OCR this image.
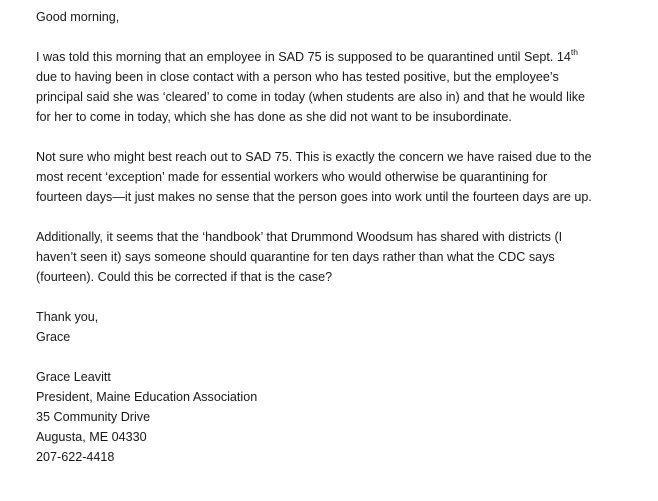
Good morning,
I was told this morning that an employee in SAD 75 is supposed to be quarantined until Sept. 14th
due to having been in close contact with a person who has tested positive, but the employee’s
principal said she was ‘cleared’ to come in today (when students are also in) and that he would like
for her to come in today, which she has done as she did not want to be insubordinate.
Not sure who might best reach out to SAD 75. This is exactly the concern we have raised due to the
most recent ‘exception’ made for essential workers who would otherwise be quarantining for
fourteen days—it just makes no sense that the person goes into work until the fourteen days are up.
Additionally, it seems that the ‘handbook’ that Drummond Woodsum has shared with districts (I
haven’t seen it) says someone should quarantine for ten days rather than what the CDC says
(fourteen). Could this be corrected if that is the case?
Thank you,
Grace
Grace Leavitt
President, Maine Education Association
35 Community Drive
Augusta, ME 04330
207-622-4418
